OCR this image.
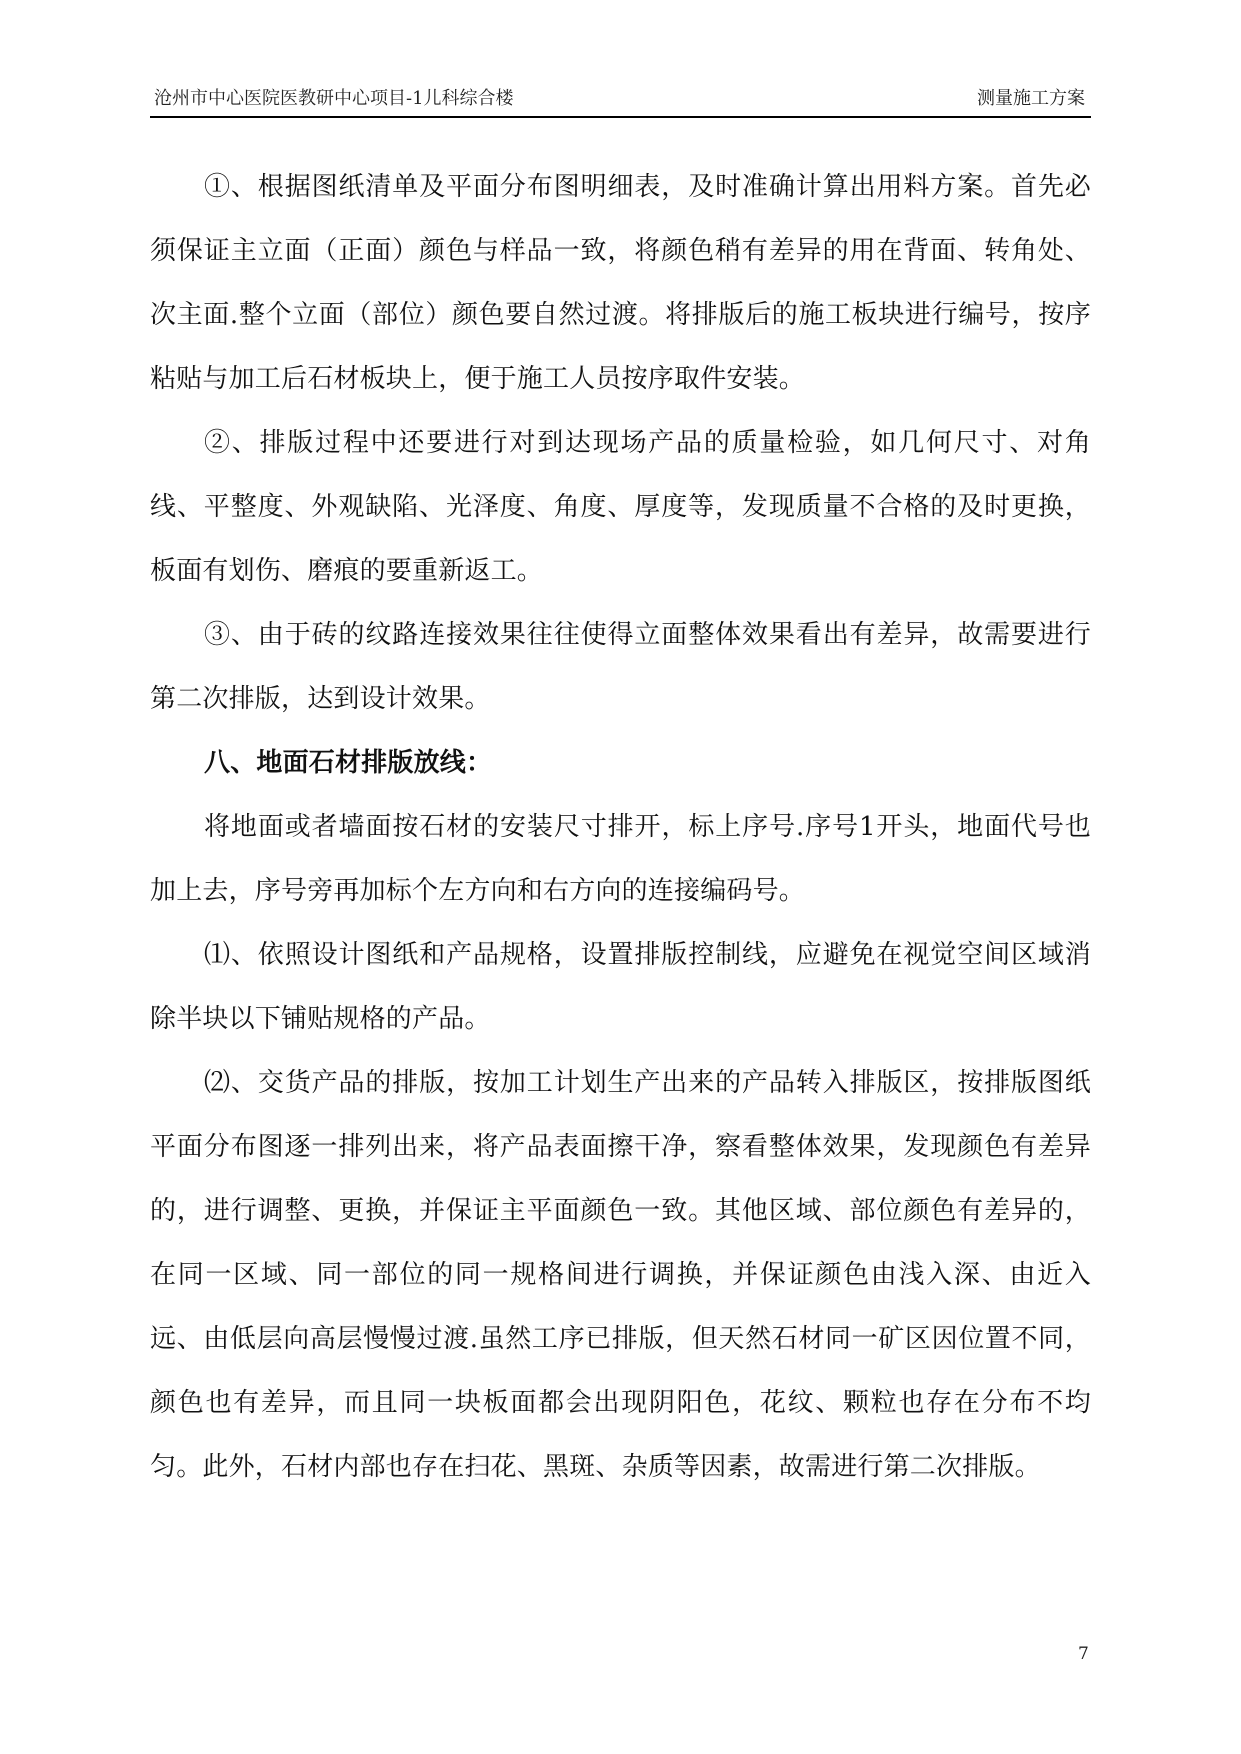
沧州市中心医院医教研中心项目-1儿科综合楼	测量施工方案

①、根据图纸清单及平面分布图明细表，及时准确计算出用料方案。首先必须保证主立面（正面）颜色与样品一致，将颜色稍有差异的用在背面、转角处、次主面.整个立面（部位）颜色要自然过渡。将排版后的施工板块进行编号，按序粘贴与加工后石材板块上，便于施工人员按序取件安装。

②、排版过程中还要进行对到达现场产品的质量检验，如几何尺寸、对角线、平整度、外观缺陷、光泽度、角度、厚度等，发现质量不合格的及时更换，板面有划伤、磨痕的要重新返工。

③、由于砖的纹路连接效果往往使得立面整体效果看出有差异，故需要进行第二次排版，达到设计效果。

八、地面石材排版放线：

将地面或者墙面按石材的安装尺寸排开，标上序号.序号1开头，地面代号也加上去，序号旁再加标个左方向和右方向的连接编码号。

⑴、依照设计图纸和产品规格，设置排版控制线，应避免在视觉空间区域消除半块以下铺贴规格的产品。

⑵、交货产品的排版，按加工计划生产出来的产品转入排版区，按排版图纸平面分布图逐一排列出来，将产品表面擦干净，察看整体效果，发现颜色有差异的，进行调整、更换，并保证主平面颜色一致。其他区域、部位颜色有差异的，在同一区域、同一部位的同一规格间进行调换，并保证颜色由浅入深、由近入远、由低层向高层慢慢过渡.虽然工序已排版，但天然石材同一矿区因位置不同，颜色也有差异，而且同一块板面都会出现阴阳色，花纹、颗粒也存在分布不均匀。此外，石材内部也存在扫花、黑斑、杂质等因素，故需进行第二次排版。

7
